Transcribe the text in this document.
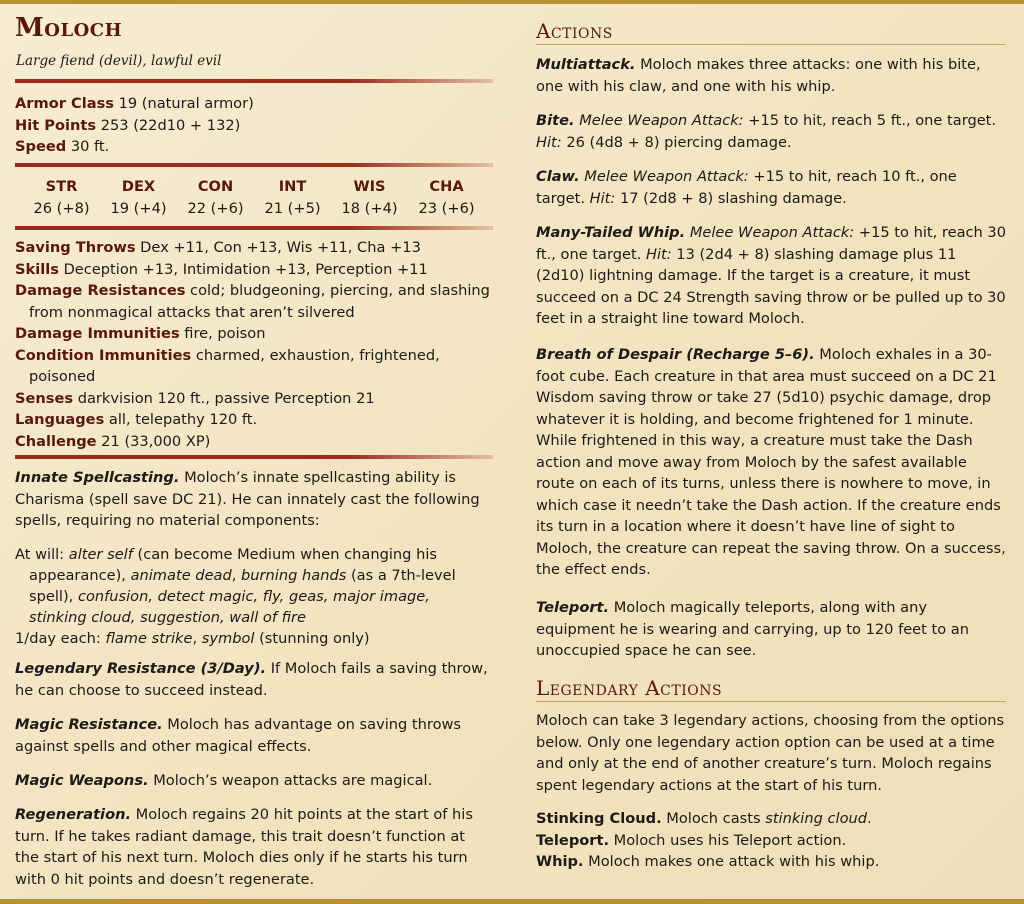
Moloch
Large fiend (devil), lawful evil
Armor Class 19 (natural armor)
Hit Points 253 (22d10 + 132)
Speed 30 ft.
STR
26 (+8)
DEX
19 (+4)
CON
22 (+6)
INT
21 (+5)
WIS
18 (+4)
CHA
23 (+6)
Saving Throws Dex +11, Con +13, Wis +11, Cha +13
Skills Deception +13, Intimidation +13, Perception +11
Damage Resistances cold; bludgeoning, piercing, and slashing from nonmagical attacks that aren’t silvered
Damage Immunities fire, poison
Condition Immunities charmed, exhaustion, frightened, poisoned
Senses darkvision 120 ft., passive Perception 21
Languages all, telepathy 120 ft.
Challenge 21 (33,000 XP)

Innate Spellcasting. Moloch’s innate spellcasting ability is Charisma (spell save DC 21). He can innately cast the following spells, requiring no material components:

At will: alter self (can become Medium when changing his appearance), animate dead, burning hands (as a 7th-level spell), confusion, detect magic, fly, geas, major image, stinking cloud, suggestion, wall of fire
1/day each: flame strike, symbol (stunning only)

Legendary Resistance (3/Day). If Moloch fails a saving throw, he can choose to succeed instead.

Magic Resistance. Moloch has advantage on saving throws against spells and other magical effects.

Magic Weapons. Moloch’s weapon attacks are magical.

Regeneration. Moloch regains 20 hit points at the start of his turn. If he takes radiant damage, this trait doesn’t function at the start of his next turn. Moloch dies only if he starts his turn with 0 hit points and doesn’t regenerate.

Actions

Multiattack. Moloch makes three attacks: one with his bite, one with his claw, and one with his whip.

Bite. Melee Weapon Attack: +15 to hit, reach 5 ft., one target. Hit: 26 (4d8 + 8) piercing damage.

Claw. Melee Weapon Attack: +15 to hit, reach 10 ft., one target. Hit: 17 (2d8 + 8) slashing damage.

Many-Tailed Whip. Melee Weapon Attack: +15 to hit, reach 30 ft., one target. Hit: 13 (2d4 + 8) slashing damage plus 11 (2d10) lightning damage. If the target is a creature, it must succeed on a DC 24 Strength saving throw or be pulled up to 30 feet in a straight line toward Moloch.

Breath of Despair (Recharge 5–6). Moloch exhales in a 30-foot cube. Each creature in that area must succeed on a DC 21 Wisdom saving throw or take 27 (5d10) psychic damage, drop whatever it is holding, and become frightened for 1 minute. While frightened in this way, a creature must take the Dash action and move away from Moloch by the safest available route on each of its turns, unless there is nowhere to move, in which case it needn’t take the Dash action. If the creature ends its turn in a location where it doesn’t have line of sight to Moloch, the creature can repeat the saving throw. On a success, the effect ends.

Teleport. Moloch magically teleports, along with any equipment he is wearing and carrying, up to 120 feet to an unoccupied space he can see.

Legendary Actions

Moloch can take 3 legendary actions, choosing from the options below. Only one legendary action option can be used at a time and only at the end of another creature’s turn. Moloch regains spent legendary actions at the start of his turn.

Stinking Cloud. Moloch casts stinking cloud.
Teleport. Moloch uses his Teleport action.
Whip. Moloch makes one attack with his whip.
